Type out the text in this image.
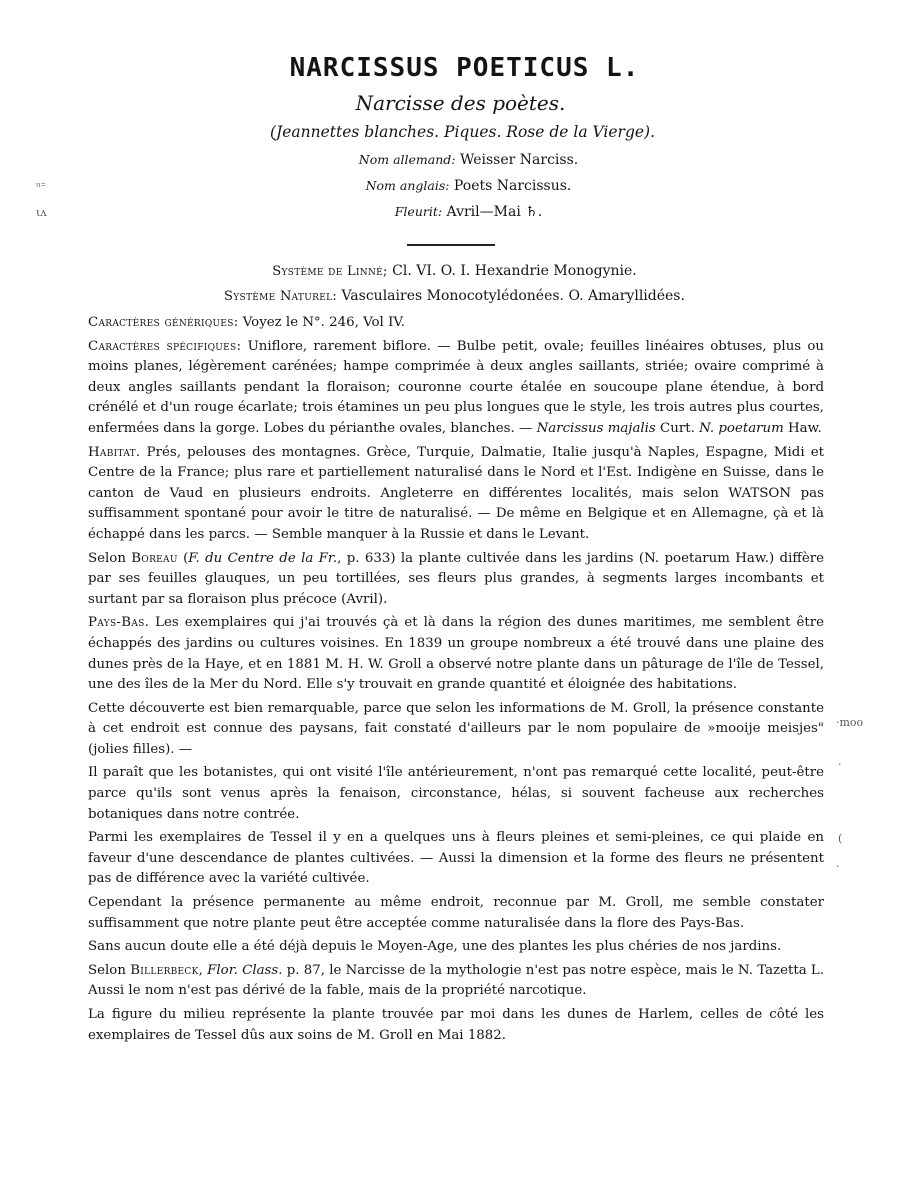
ᵘ⁼
ιʌ
·moo
·
(
·
NARCISSUS POETICUS L.
Narcisse des poètes.
(Jeannettes blanches. Piques. Rose de la Vierge).
Nom allemand: Weisser Narciss.
Nom anglais: Poets Narcissus.
Fleurit: Avril—Mai ♄.
Système de Linné; Cl. VI. O. I. Hexandrie Monogynie.
Système Naturel: Vasculaires Monocotylédonées. O. Amaryllidées.

Caractères génériques: Voyez le N°. 246, Vol IV.

Caractères spécifiques: Uniflore, rarement biflore. — Bulbe petit, ovale; feuilles linéaires obtuses, plus ou moins planes, légèrement carénées; hampe comprimée à deux angles saillants, striée; ovaire comprimé à deux angles saillants pendant la floraison; couronne courte étalée en soucoupe plane étendue, à bord crénélé et d'un rouge écarlate; trois étamines un peu plus longues que le style, les trois autres plus courtes, enfermées dans la gorge. Lobes du périanthe ovales, blanches. — Narcissus majalis Curt. N. poetarum Haw.

Habitat. Prés, pelouses des montagnes. Grèce, Turquie, Dalmatie, Italie jusqu'à Naples, Espagne, Midi et Centre de la France; plus rare et partiellement naturalisé dans le Nord et l'Est. Indigène en Suisse, dans le canton de Vaud en plusieurs endroits. Angleterre en différentes localités, mais selon WATSON pas suffisamment spontané pour avoir le titre de naturalisé. — De même en Belgique et en Allemagne, çà et là échappé dans les parcs. — Semble manquer à la Russie et dans le Levant.

Selon Boreau (F. du Centre de la Fr., p. 633) la plante cultivée dans les jardins (N. poetarum Haw.) diffère par ses feuilles glauques, un peu tortillées, ses fleurs plus grandes, à segments larges incombants et surtant par sa floraison plus précoce (Avril).

Pays-Bas. Les exemplaires qui j'ai trouvés çà et là dans la région des dunes maritimes, me semblent être échappés des jardins ou cultures voisines. En 1839 un groupe nombreux a été trouvé dans une plaine des dunes près de la Haye, et en 1881 M. H. W. Groll a observé notre plante dans un pâturage de l'île de Tessel, une des îles de la Mer du Nord. Elle s'y trouvait en grande quantité et éloignée des habitations.

Cette découverte est bien remarquable, parce que selon les informations de M. Groll, la présence constante à cet endroit est connue des paysans, fait constaté d'ailleurs par le nom populaire de »mooije meisjes" (jolies filles). —

Il paraît que les botanistes, qui ont visité l'île antérieurement, n'ont pas remarqué cette localité, peut-être parce qu'ils sont venus après la fenaison, circonstance, hélas, si souvent facheuse aux recherches botaniques dans notre contrée.

Parmi les exemplaires de Tessel il y en a quelques uns à fleurs pleines et semi-pleines, ce qui plaide en faveur d'une descendance de plantes cultivées. — Aussi la dimension et la forme des fleurs ne présentent pas de différence avec la variété cultivée.

Cependant la présence permanente au même endroit, reconnue par M. Groll, me semble constater suffisamment que notre plante peut être acceptée comme naturalisée dans la flore des Pays-Bas.

Sans aucun doute elle a été déjà depuis le Moyen-Age, une des plantes les plus chéries de nos jardins.

Selon Billerbeck, Flor. Class. p. 87, le Narcisse de la mythologie n'est pas notre espèce, mais le N. Tazetta L. Aussi le nom n'est pas dérivé de la fable, mais de la propriété narcotique.

La figure du milieu représente la plante trouvée par moi dans les dunes de Harlem, celles de côté les exemplaires de Tessel dûs aux soins de M. Groll en Mai 1882.
